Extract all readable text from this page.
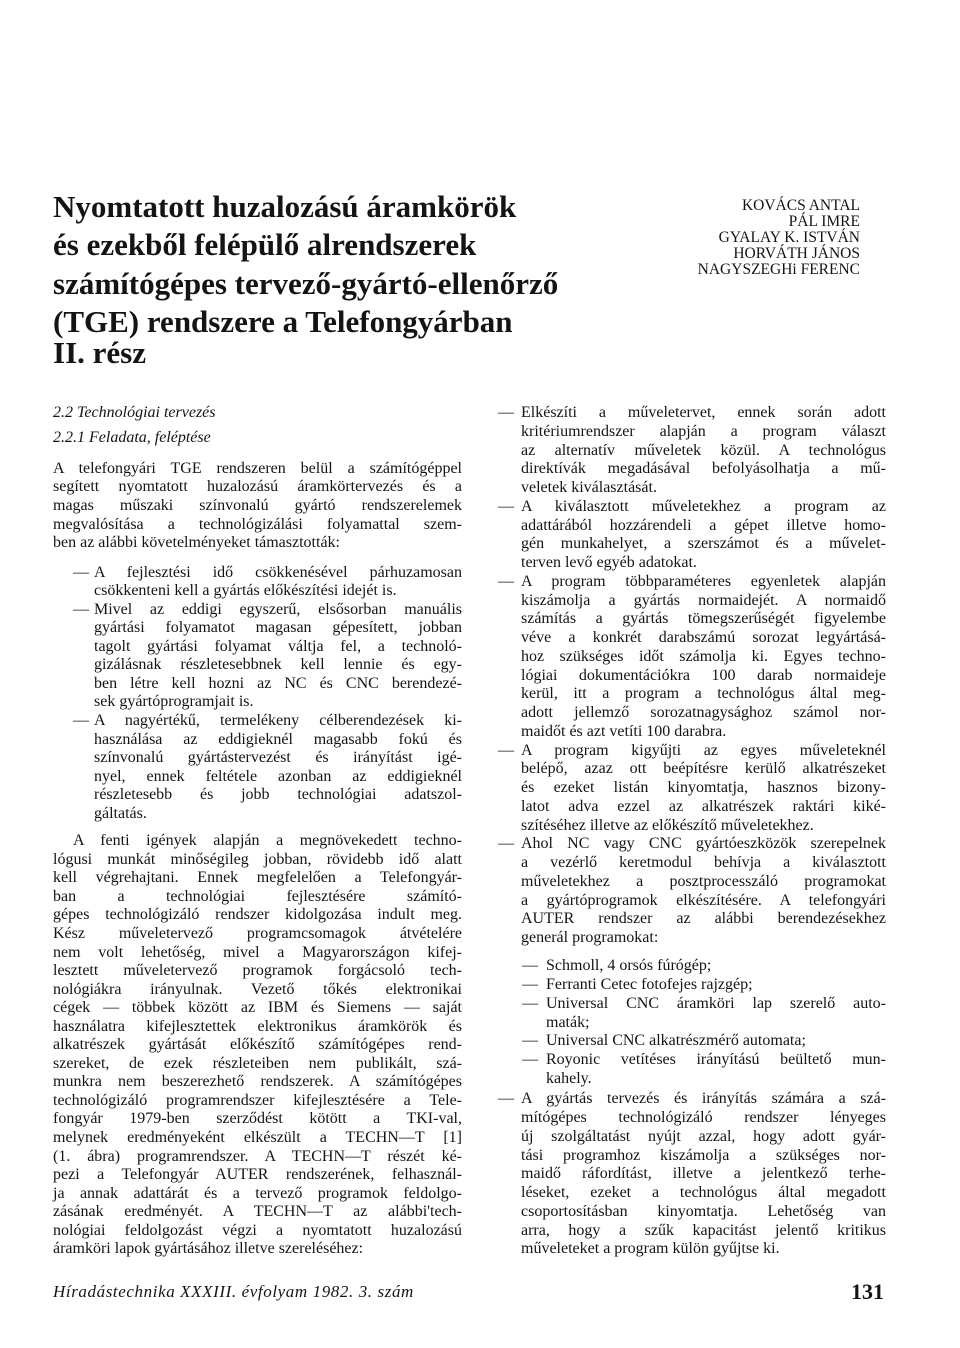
Nyomtatott huzalozású áramkörök
és ezekből felépülő alrendszerek
számítógépes tervező-gyártó-ellenőrző
(TGE) rendszere a Telefongyárban
II. rész
KOVÁCS ANTAL
PÁL IMRE
GYALAY K. ISTVÁN
HORVÁTH JÁNOS
NAGYSZEGHi FERENC
2.2 Technológiai tervezés
2.2.1 Feladata, feléptése
A telefongyári TGE rendszeren belül a számítógéppel
segített nyomtatott huzalozású áramkörtervezés és a
magas műszaki színvonalú gyártó rendszerelemek
megvalósítása a technológizálási folyamattal szem-
ben az alábbi követelményeket támasztották:
— A fejlesztési idő csökkenésével párhuzamosan
csökkenteni kell a gyártás előkészítési idejét is.
— Mivel az eddigi egyszerű, elsősorban manuális
gyártási folyamatot magasan gépesített, jobban
tagolt gyártási folyamat váltja fel, a technoló-
gizálásnak részletesebbnek kell lennie és egy-
ben létre kell hozni az NC és CNC berendezé-
sek gyártóprogramjait is.
— A nagyértékű, termelékeny célberendezések ki-
használása az eddigieknél magasabb fokú és
színvonalú gyártástervezést és irányítást igé-
nyel, ennek feltétele azonban az eddigieknél
részletesebb és jobb technológiai adatszol-
gáltatás.
A fenti igények alapján a megnövekedett techno-
lógusi munkát minőségileg jobban, rövidebb idő alatt
kell végrehajtani. Ennek megfelelően a Telefongyár-
ban a technológiai fejlesztésére számító-
gépes technológizáló rendszer kidolgozása indult meg.
Kész műveletervező programcsomagok átvételére
nem volt lehetőség, mivel a Magyarországon kifej-
lesztett műveletervező programok forgácsoló tech-
nológiákra irányulnak. Vezető tőkés elektronikai
cégek — többek között az IBM és Siemens — saját
használatra kifejlesztettek elektronikus áramkörök és
alkatrészek gyártását előkészítő számítógépes rend-
szereket, de ezek részleteiben nem publikált, szá-
munkra nem beszerezhető rendszerek. A számítógépes
technológizáló programrendszer kifejlesztésére a Tele-
fongyár 1979-ben szerződést kötött a TKI-val,
melynek eredményeként elkészült a TECHN—T [1]
(1. ábra) programrendszer. A TECHN—T részét ké-
pezi a Telefongyár AUTER rendszerének, felhasznál-
ja annak adattárát és a tervező programok feldolgo-
zásának eredményét. A TECHN—T az alábbi'tech-
nológiai feldolgozást végzi a nyomtatott huzalozású
áramköri lapok gyártásához illetve szereléséhez:
— Elkészíti a műveletervet, ennek során adott
kritériumrendszer alapján a program választ
az alternatív műveletek közül. A technológus
direktívák megadásával befolyásolhatja a mű-
veletek kiválasztását.
— A kiválasztott műveletekhez a program az
adattárából hozzárendeli a gépet illetve homo-
gén munkahelyet, a szerszámot és a művelet-
terven levő egyéb adatokat.
— A program többparaméteres egyenletek alapján
kiszámolja a gyártás normaidejét. A normaidő
számítás a gyártás tömegszerűségét figyelembe
véve a konkrét darabszámú sorozat legyártásá-
hoz szükséges időt számolja ki. Egyes techno-
lógiai dokumentációkra 100 darab normaideje
kerül, itt a program a technológus által meg-
adott jellemző sorozatnagysághoz számol nor-
maidőt és azt vetíti 100 darabra.
— A program kigyűjti az egyes műveleteknél
belépő, azaz ott beépítésre kerülő alkatrészeket
és ezeket listán kinyomtatja, hasznos bizony-
latot adva ezzel az alkatrészek raktári kiké-
szítéséhez illetve az előkészítő műveletekhez.
— Ahol NC vagy CNC gyártóeszközök szerepelnek
a vezérlő keretmodul behívja a kiválasztott
műveletekhez a posztprocesszáló programokat
a gyártóprogramok elkészítésére. A telefongyári
AUTER rendszer az alábbi berendezésekhez
generál programokat:
— Schmoll, 4 orsós fúrógép;
— Ferranti Cetec fotofejes rajzgép;
— Universal CNC áramköri lap szerelő auto-
maták;
— Universal CNC alkatrészmérő automata;
— Royonic vetítéses irányítású beültető mun-
kahely.
— A gyártás tervezés és irányítás számára a szá-
mítógépes technológizáló rendszer lényeges
új szolgáltatást nyújt azzal, hogy adott gyár-
tási programhoz kiszámolja a szükséges nor-
maidő ráfordítást, illetve a jelentkező terhe-
léseket, ezeket a technológus által megadott
csoportosításban kinyomtatja. Lehetőség van
arra, hogy a szűk kapacitást jelentő kritikus
műveleteket a program külön gyűjtse ki.
Híradástechnika XXXIII. évfolyam 1982. 3. szám	131
